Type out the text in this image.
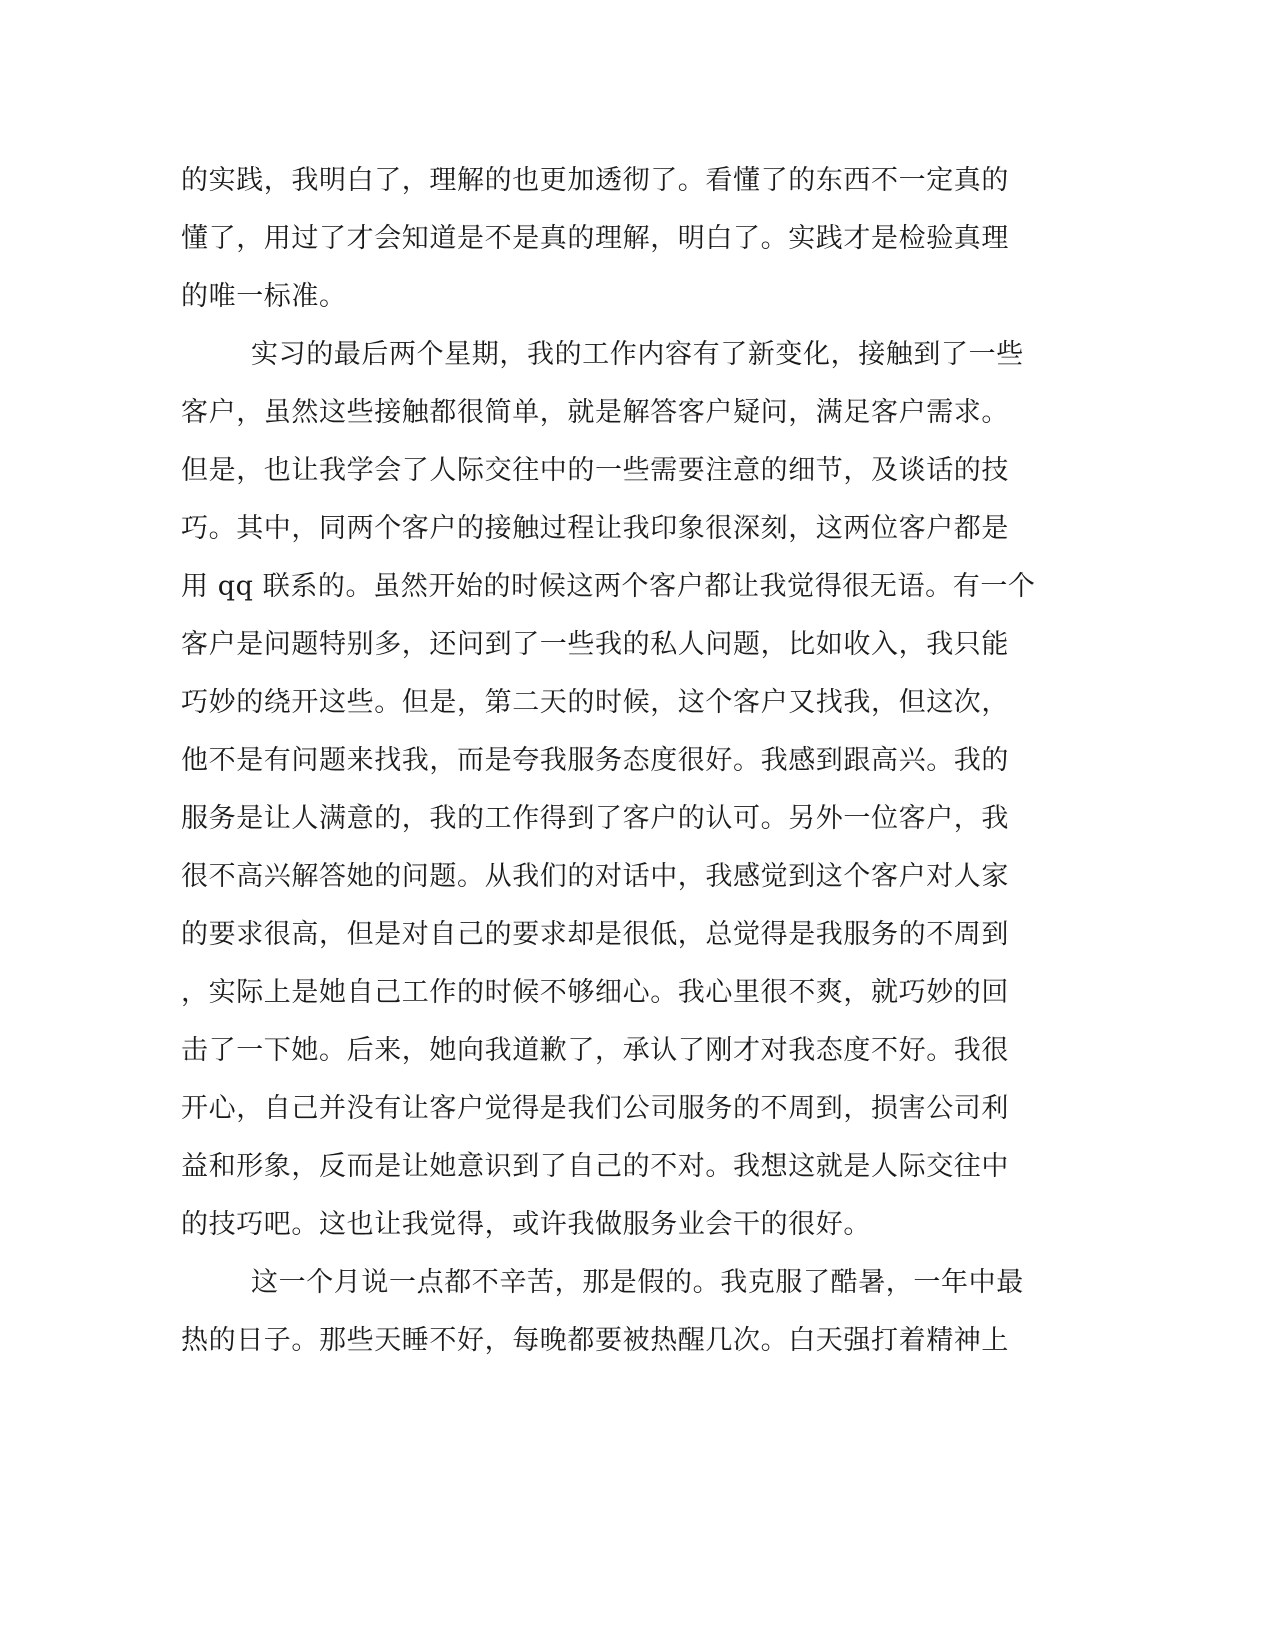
的实践，我明白了，理解的也更加透彻了。看懂了的东西不一定真的
懂了，用过了才会知道是不是真的理解，明白了。实践才是检验真理
的唯一标准。
实习的最后两个星期，我的工作内容有了新变化，接触到了一些
客户，虽然这些接触都很简单，就是解答客户疑问，满足客户需求。
但是，也让我学会了人际交往中的一些需要注意的细节，及谈话的技
巧。其中，同两个客户的接触过程让我印象很深刻，这两位客户都是
用 qq 联系的。虽然开始的时候这两个客户都让我觉得很无语。有一个
客户是问题特别多，还问到了一些我的私人问题，比如收入，我只能
巧妙的绕开这些。但是，第二天的时候，这个客户又找我，但这次，
他不是有问题来找我，而是夸我服务态度很好。我感到跟高兴。我的
服务是让人满意的，我的工作得到了客户的认可。另外一位客户，我
很不高兴解答她的问题。从我们的对话中，我感觉到这个客户对人家
的要求很高，但是对自己的要求却是很低，总觉得是我服务的不周到
，实际上是她自己工作的时候不够细心。我心里很不爽，就巧妙的回
击了一下她。后来，她向我道歉了，承认了刚才对我态度不好。我很
开心，自己并没有让客户觉得是我们公司服务的不周到，损害公司利
益和形象，反而是让她意识到了自己的不对。我想这就是人际交往中
的技巧吧。这也让我觉得，或许我做服务业会干的很好。
这一个月说一点都不辛苦，那是假的。我克服了酷暑，一年中最
热的日子。那些天睡不好，每晚都要被热醒几次。白天强打着精神上
